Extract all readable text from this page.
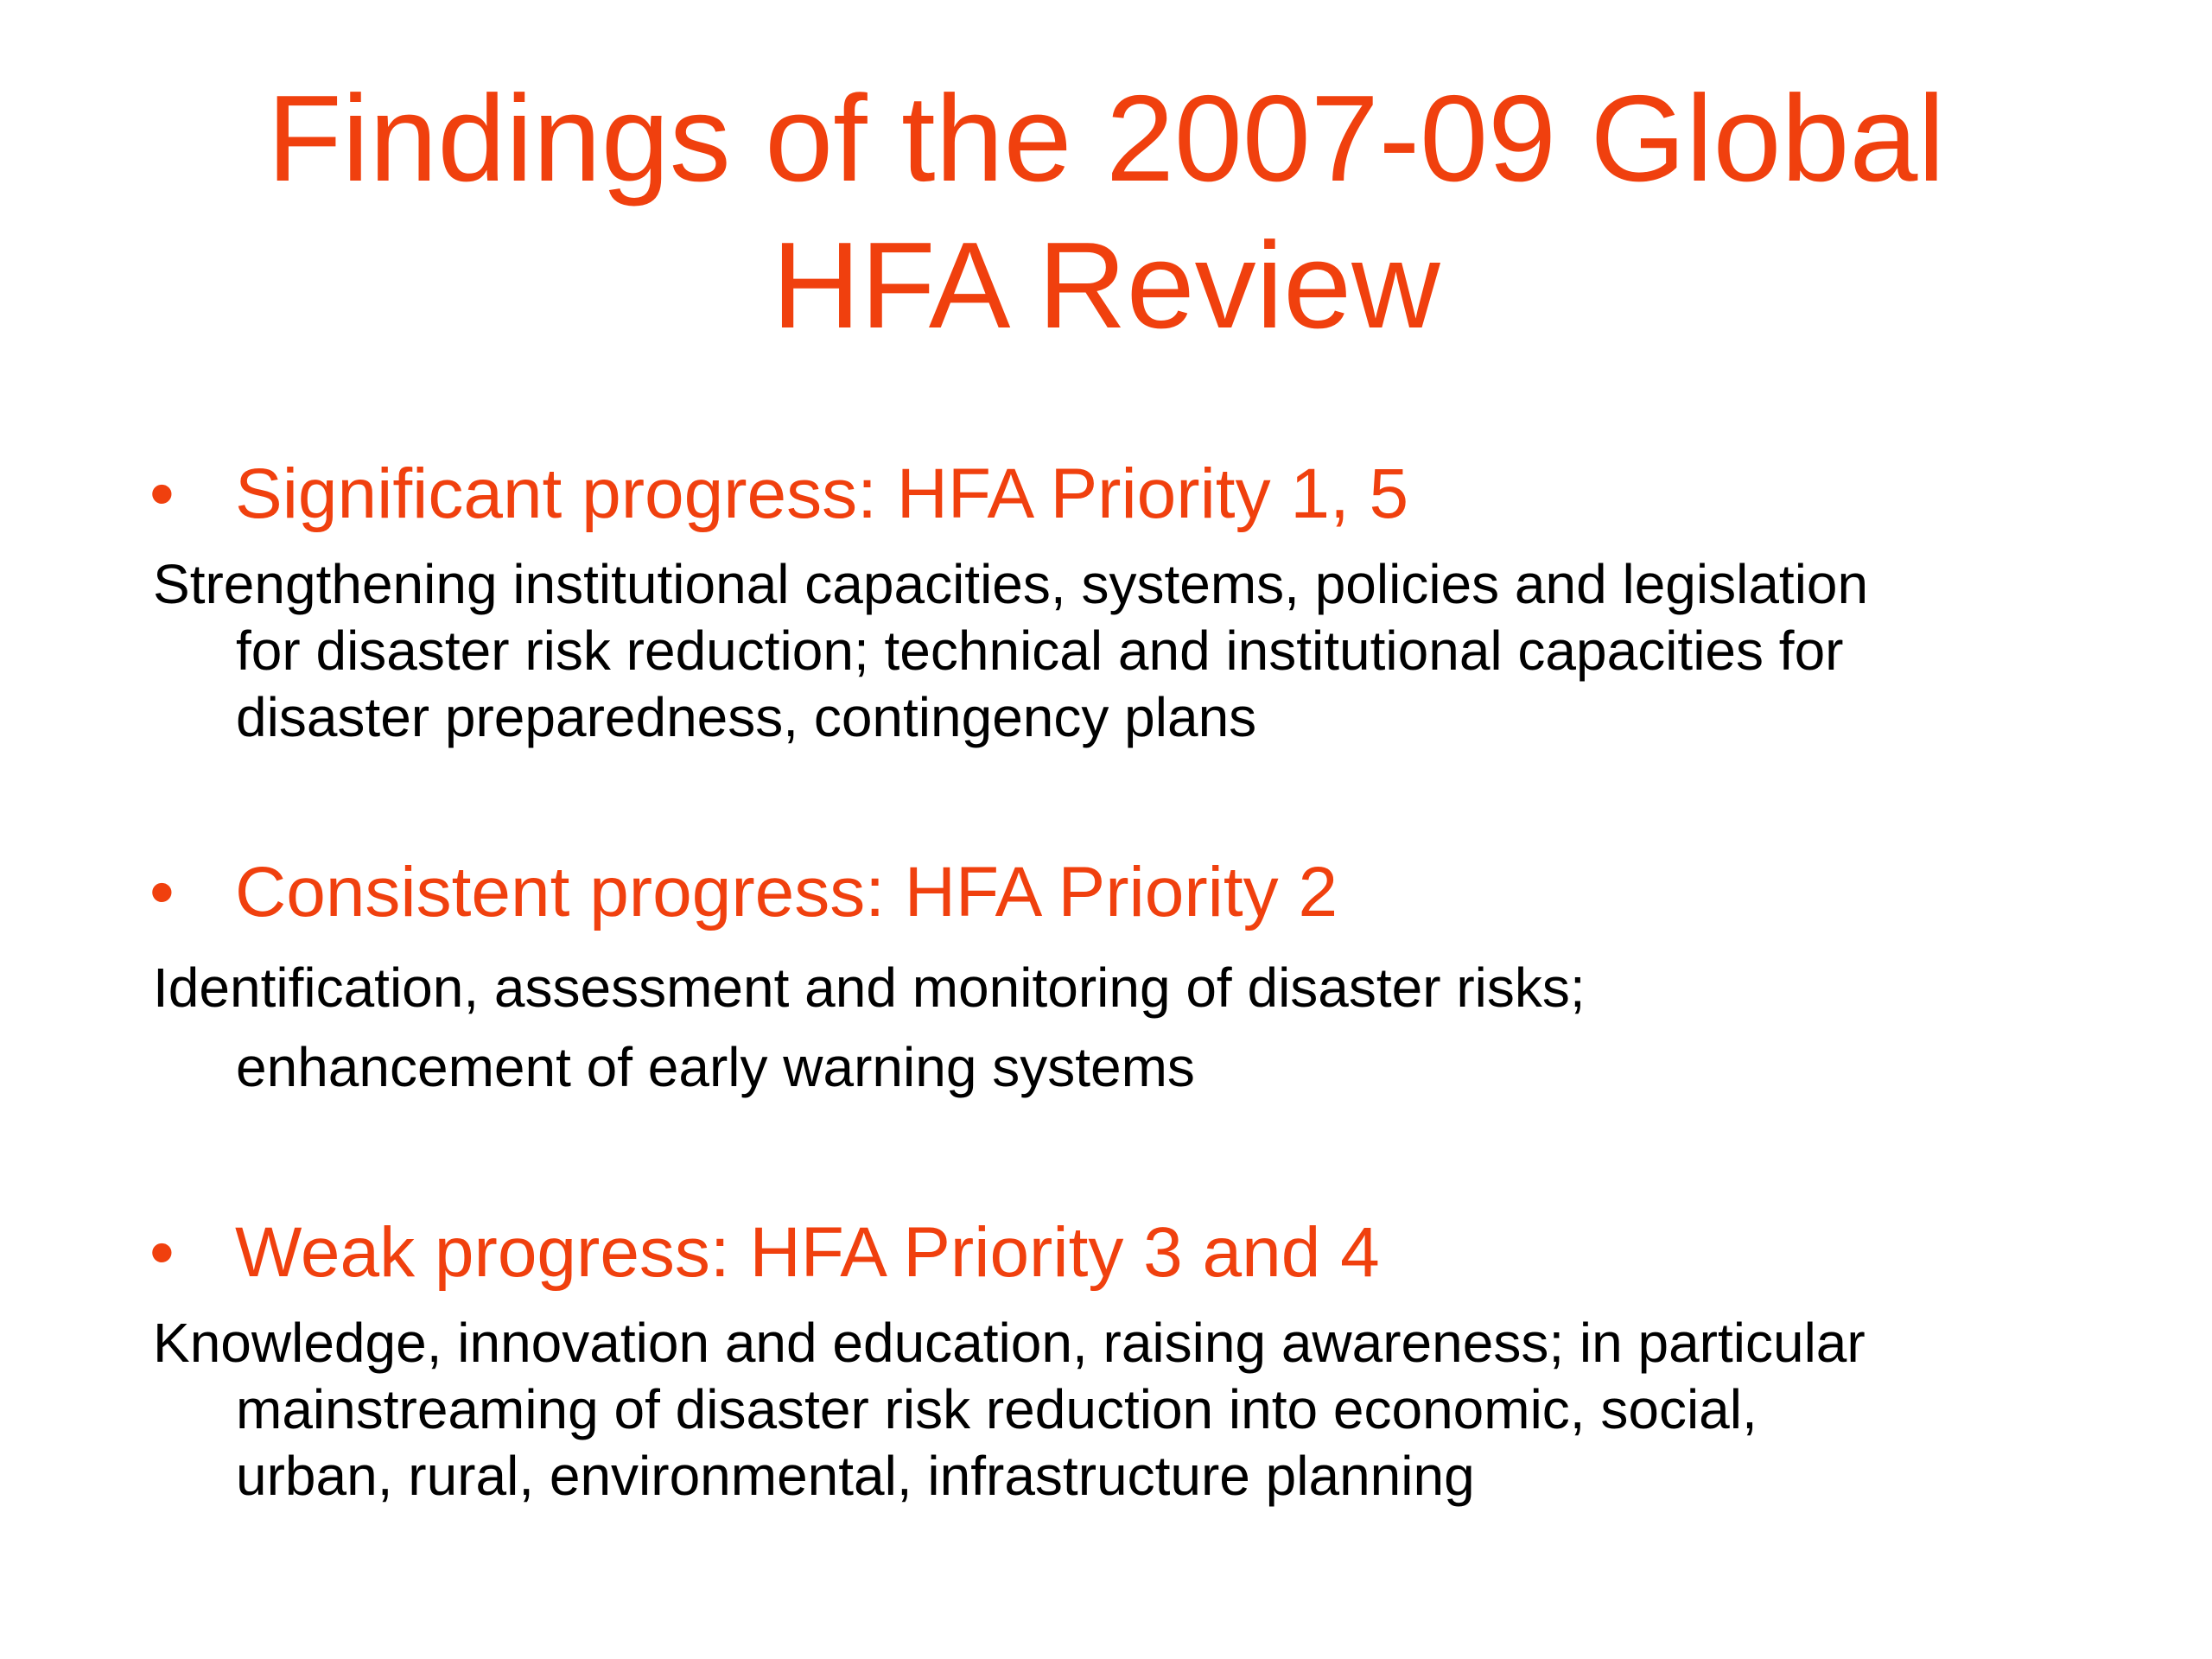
Findings of the 2007-09 Global
HFA Review
• Significant progress: HFA Priority 1, 5
Strengthening institutional capacities, systems, policies and legislation
for disaster risk reduction; technical and institutional capacities for
disaster preparedness, contingency plans
• Consistent progress: HFA Priority 2
Identification, assessment and monitoring of disaster risks;
enhancement of early warning systems
• Weak progress: HFA Priority 3 and 4
Knowledge, innovation and education, raising awareness; in particular
mainstreaming of disaster risk reduction into economic, social,
urban, rural, environmental, infrastructure planning
